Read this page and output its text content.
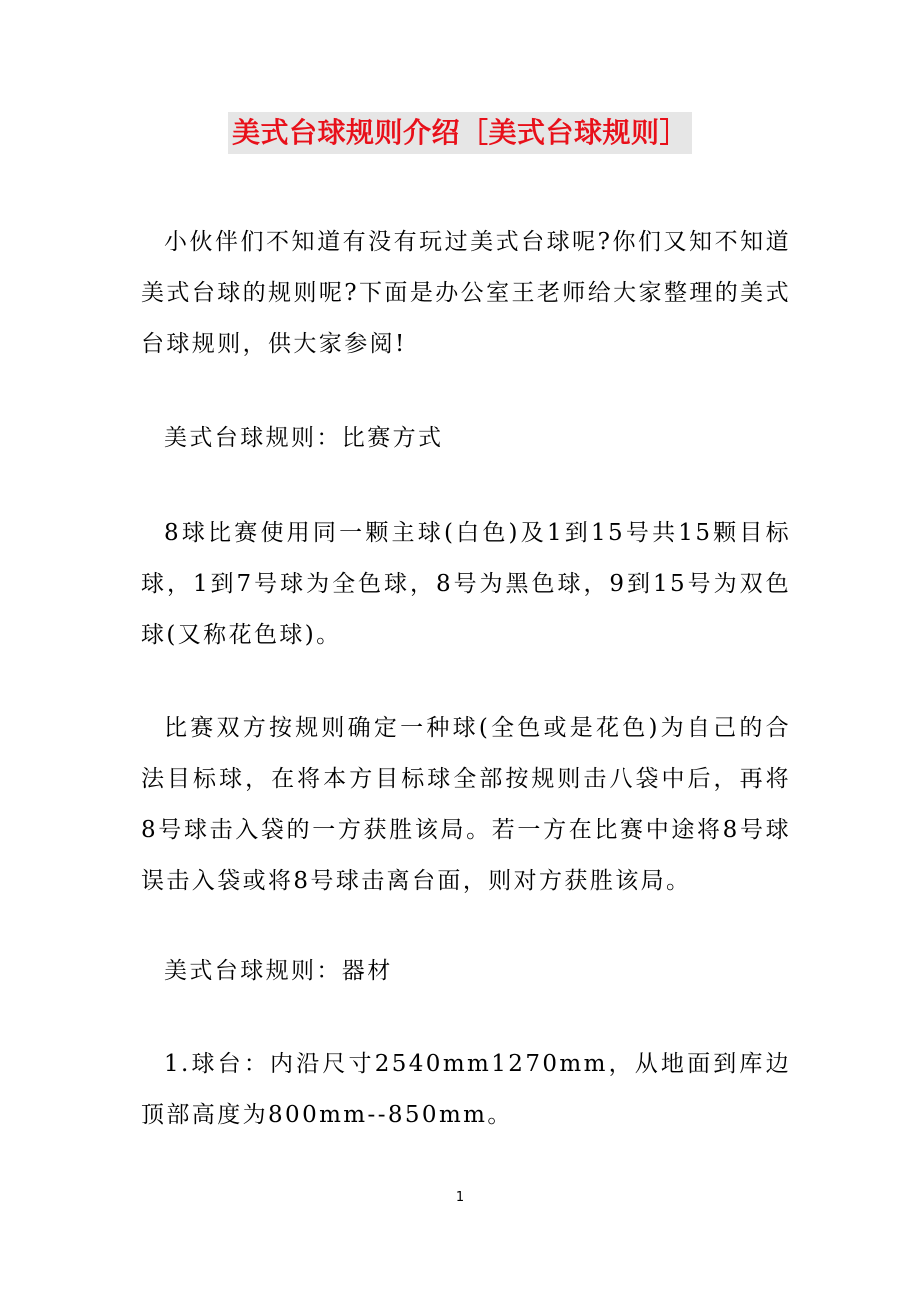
美式台球规则介绍［美式台球规则］

小伙伴们不知道有没有玩过美式台球呢?你们又知不知道美式台球的规则呢?下面是办公室王老师给大家整理的美式台球规则，供大家参阅!

美式台球规则：比赛方式

8球比赛使用同一颗主球(白色)及1到15号共15颗目标球，1到7号球为全色球，8号为黑色球，9到15号为双色球(又称花色球)。

比赛双方按规则确定一种球(全色或是花色)为自己的合法目标球，在将本方目标球全部按规则击八袋中后，再将8号球击入袋的一方获胜该局。若一方在比赛中途将8号球误击入袋或将8号球击离台面，则对方获胜该局。

美式台球规则：器材

1.球台：内沿尺寸2540mm1270mm，从地面到库边顶部高度为800mm--850mm。

1
